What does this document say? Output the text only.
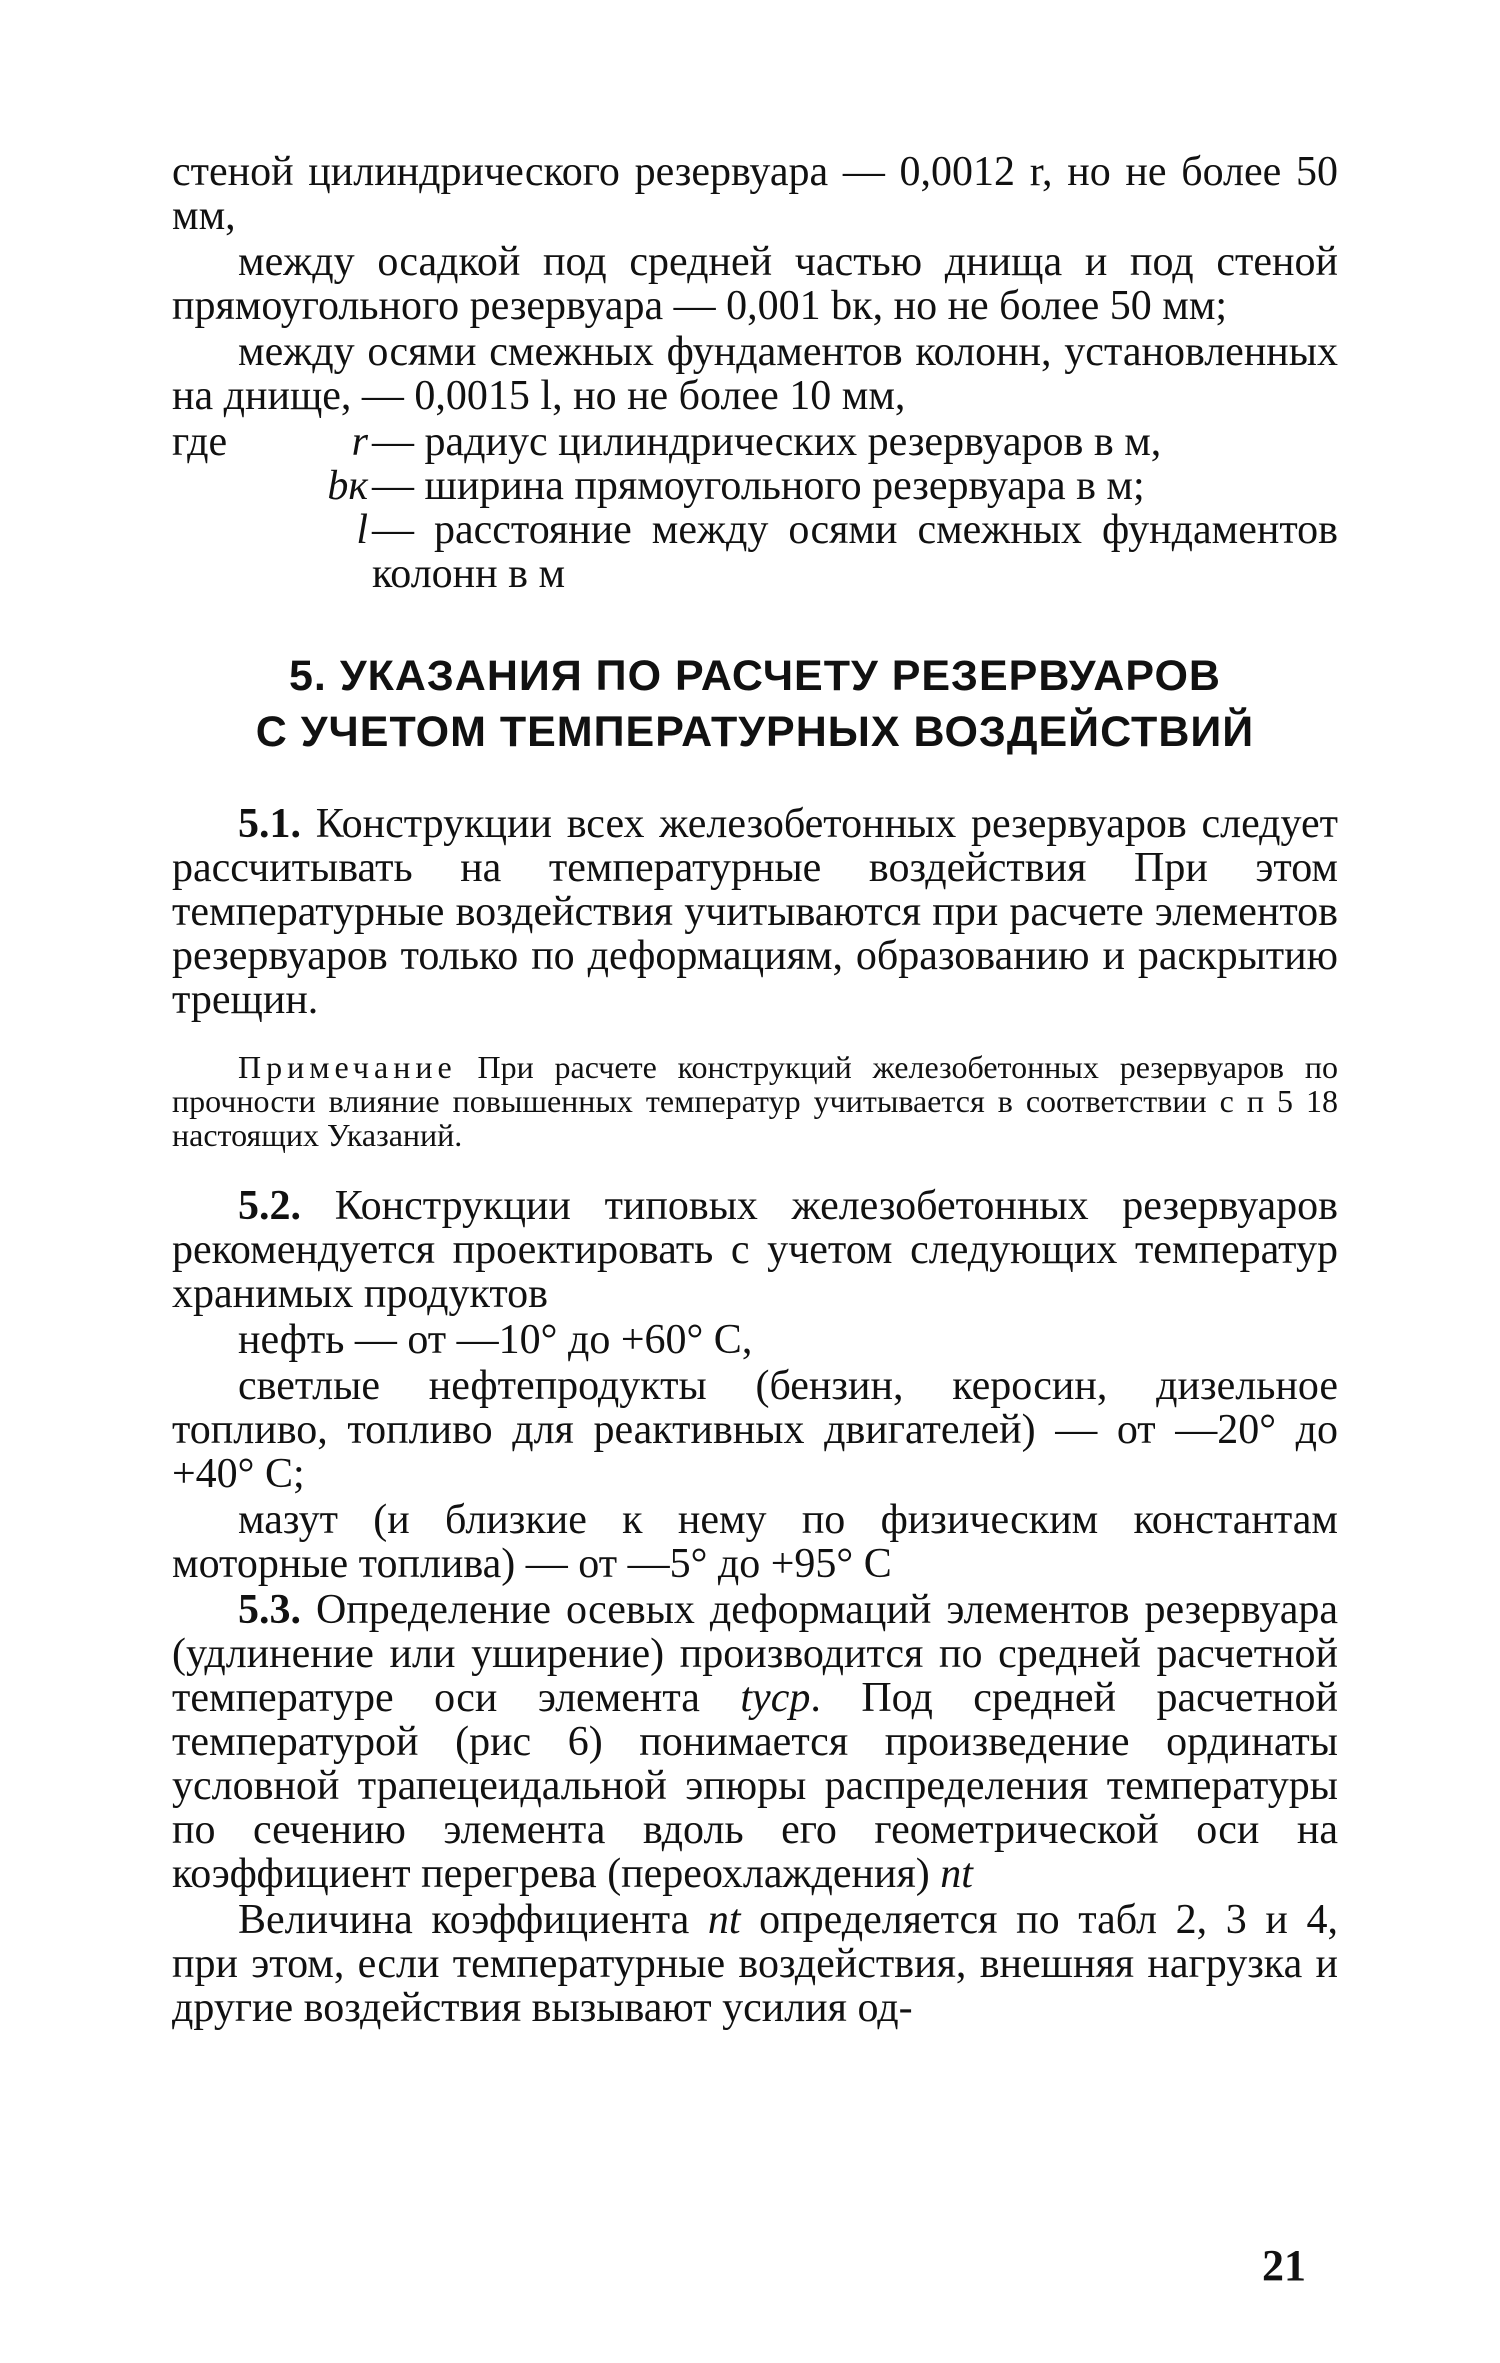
стеной цилиндрического резервуара — 0,0012 r, но не более 50 мм,

между осадкой под средней частью днища и под стеной прямоугольного резервуара — 0,001 bк, но не более 50 мм;

между осями смежных фундаментов колонн, установленных на днище, — 0,0015 l, но не более 10 мм,

где	r — радиус цилиндрических резервуаров в м,

bк — ширина прямоугольного резервуара в м;

l — расстояние между осями смежных фундаментов колонн в м

5. УКАЗАНИЯ ПО РАСЧЕТУ РЕЗЕРВУАРОВ
С УЧЕТОМ ТЕМПЕРАТУРНЫХ ВОЗДЕЙСТВИЙ

5.1. Конструкции всех железобетонных резервуаров следует рассчитывать на температурные воздействия При этом температурные воздействия учитываются при расчете элементов резервуаров только по деформациям, образованию и раскрытию трещин.

Примечание При расчете конструкций железобетонных резервуаров по прочности влияние повышенных температур учитывается в соответствии с п 5 18 настоящих Указаний.

5.2. Конструкции типовых железобетонных резервуаров рекомендуется проектировать с учетом следующих температур хранимых продуктов

нефть — от —10° до +60° С,

светлые нефтепродукты (бензин, керосин, дизельное топливо, топливо для реактивных двигателей) — от —20° до +40° С;

мазут (и близкие к нему по физическим константам моторные топлива) — от —5° до +95° С

5.3. Определение осевых деформаций элементов резервуара (удлинение или уширение) производится по средней расчетной температуре оси элемента tуср. Под средней расчетной температурой (рис 6) понимается произведение ординаты условной трапецеидальной эпюры распределения температуры по сечению элемента вдоль его геометрической оси на коэффициент перегрева (переохлаждения) nt

Величина коэффициента nt определяется по табл 2, 3 и 4, при этом, если температурные воздействия, внешняя нагрузка и другие воздействия вызывают усилия од-

21
